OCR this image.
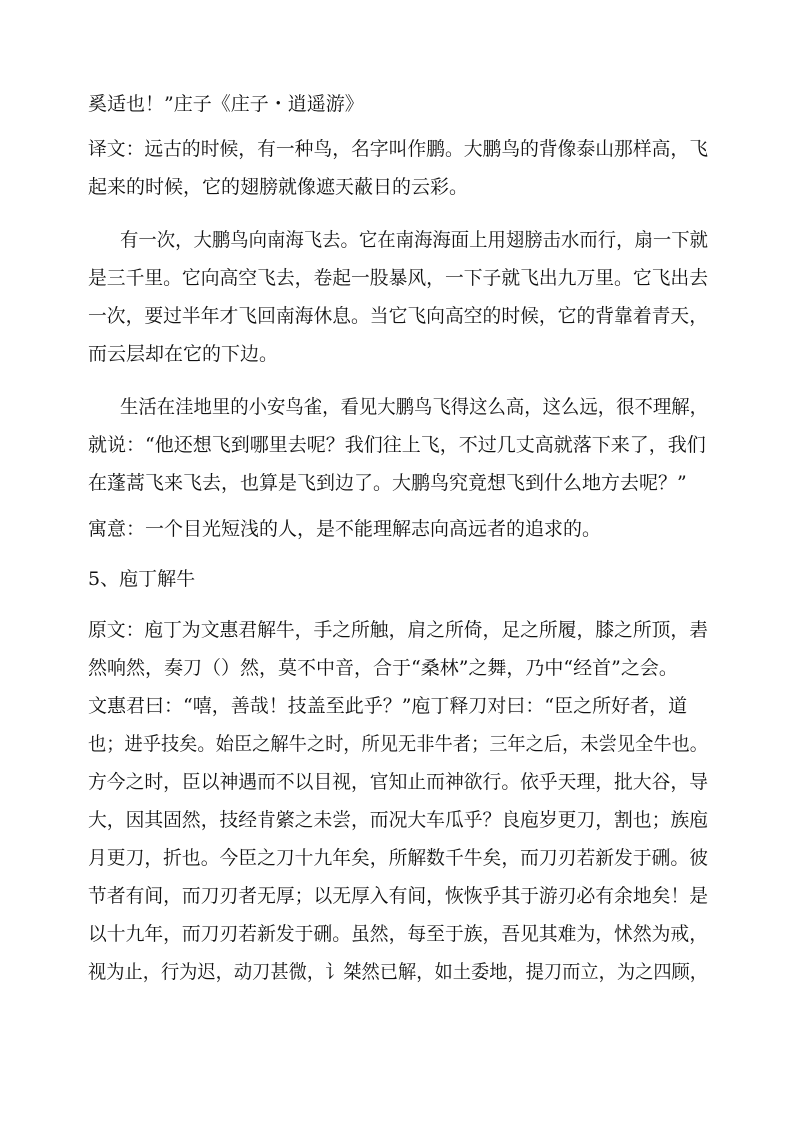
奚适也！”庄子《庄子・逍遥游》
译文：远古的时候，有一种鸟，名字叫作鹏。大鹏鸟的背像泰山那样高，飞
起来的时候，它的翅膀就像遮天蔽日的云彩。
有一次，大鹏鸟向南海飞去。它在南海海面上用翅膀击水而行，扇一下就
是三千里。它向高空飞去，卷起一股暴风，一下子就飞出九万里。它飞出去
一次，要过半年才飞回南海休息。当它飞向高空的时候，它的背靠着青天，
而云层却在它的下边。
生活在洼地里的小安鸟雀，看见大鹏鸟飞得这么高，这么远，很不理解，
就说：“他还想飞到哪里去呢？我们往上飞，不过几丈高就落下来了，我们
在蓬蒿飞来飞去，也算是飞到边了。大鹏鸟究竟想飞到什么地方去呢？”
寓意：一个目光短浅的人，是不能理解志向高远者的追求的。
5、庖丁解牛
原文：庖丁为文惠君解牛，手之所触，肩之所倚，足之所履，膝之所顶，砉
然响然，奏刀（）然，莫不中音，合于“桑林”之舞，乃中“经首”之会。
文惠君曰：“嘻，善哉！技盖至此乎？”庖丁释刀对曰：“臣之所好者，道
也；进乎技矣。始臣之解牛之时，所见无非牛者；三年之后，未尝见全牛也。
方今之时，臣以神遇而不以目视，官知止而神欲行。依乎天理，批大谷，导
大，因其固然，技经肯綮之未尝，而况大车瓜乎？良庖岁更刀，割也；族庖
月更刀，折也。今臣之刀十九年矣，所解数千牛矣，而刀刃若新发于硎。彼
节者有间，而刀刃者无厚；以无厚入有间，恢恢乎其于游刃必有余地矣！是
以十九年，而刀刃若新发于硎。虽然，每至于族，吾见其难为，怵然为戒，
视为止，行为迟，动刀甚微，讠桀然已解，如土委地，提刀而立，为之四顾，
